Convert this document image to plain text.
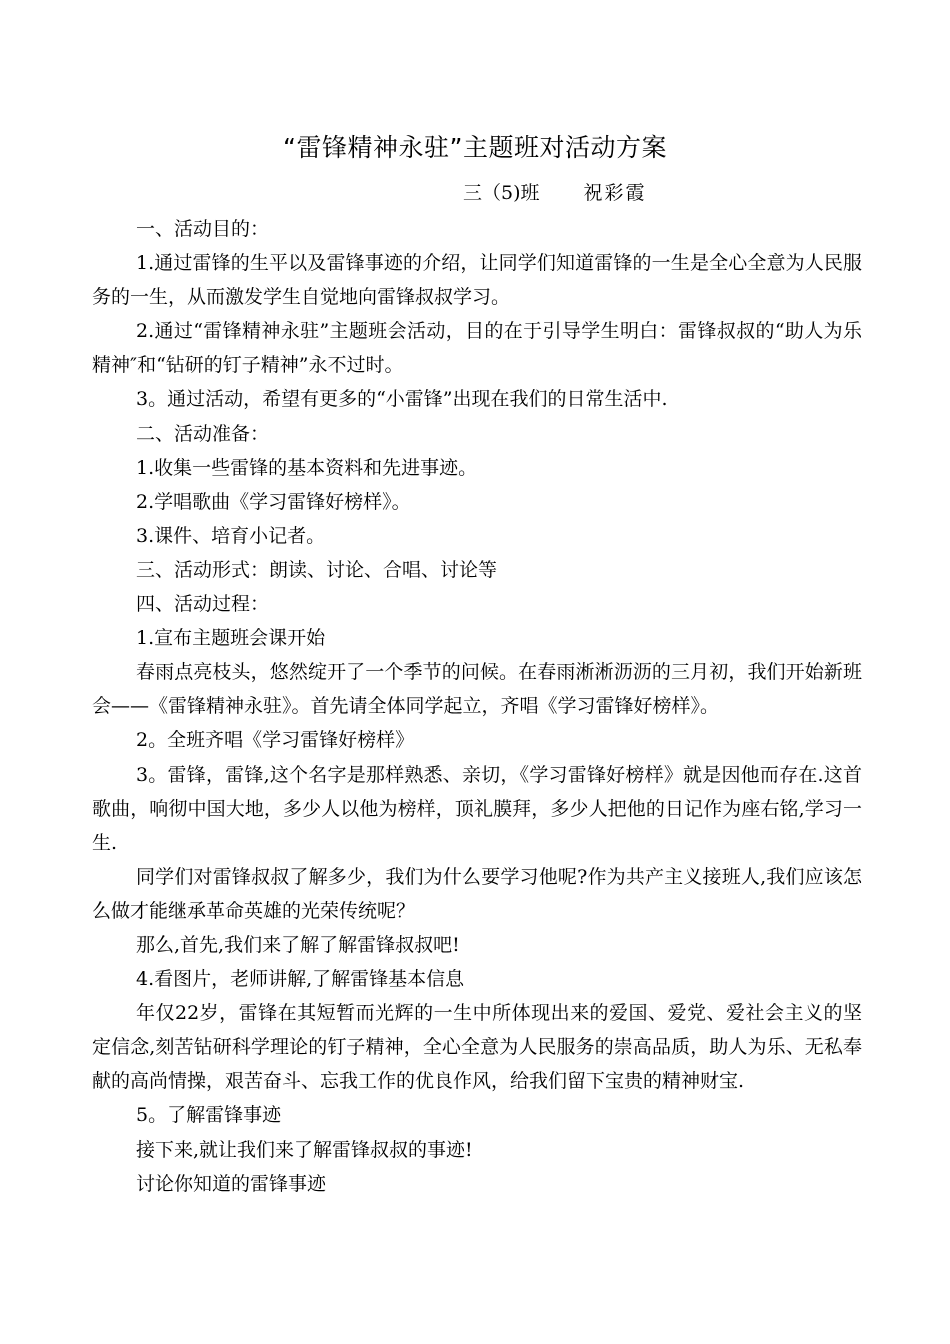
“雷锋精神永驻”主题班对活动方案
三（5)班 祝彩霞

一、活动目的：

1.通过雷锋的生平以及雷锋事迹的介绍，让同学们知道雷锋的一生是全心全意为人民服务的一生，从而激发学生自觉地向雷锋叔叔学习。

2.通过“雷锋精神永驻”主题班会活动，目的在于引导学生明白：雷锋叔叔的“助人为乐精神″和“钻研的钉子精神”永不过时。

3。通过活动，希望有更多的“小雷锋”出现在我们的日常生活中.

二、活动准备：

1.收集一些雷锋的基本资料和先进事迹。

2.学唱歌曲《学习雷锋好榜样》。

3.课件、培育小记者。

三、活动形式：朗读、讨论、合唱、讨论等

四、活动过程：

1.宣布主题班会课开始

春雨点亮枝头，悠然绽开了一个季节的问候。在春雨淅淅沥沥的三月初，我们开始新班会——《雷锋精神永驻》。首先请全体同学起立，齐唱《学习雷锋好榜样》。

2。全班齐唱《学习雷锋好榜样》

3。雷锋，雷锋,这个名字是那样熟悉、亲切，《学习雷锋好榜样》就是因他而存在.这首歌曲，响彻中国大地，多少人以他为榜样，顶礼膜拜，多少人把他的日记作为座右铭,学习一生.

同学们对雷锋叔叔了解多少，我们为什么要学习他呢?作为共产主义接班人,我们应该怎么做才能继承革命英雄的光荣传统呢？

那么,首先,我们来了解了解雷锋叔叔吧!

4.看图片，老师讲解,了解雷锋基本信息

年仅22岁，雷锋在其短暂而光辉的一生中所体现出来的爱国、爱党、爱社会主义的坚定信念,刻苦钻研科学理论的钉子精神，全心全意为人民服务的崇高品质，助人为乐、无私奉献的高尚情操，艰苦奋斗、忘我工作的优良作风，给我们留下宝贵的精神财宝.

5。了解雷锋事迹

接下来,就让我们来了解雷锋叔叔的事迹!

讨论你知道的雷锋事迹
